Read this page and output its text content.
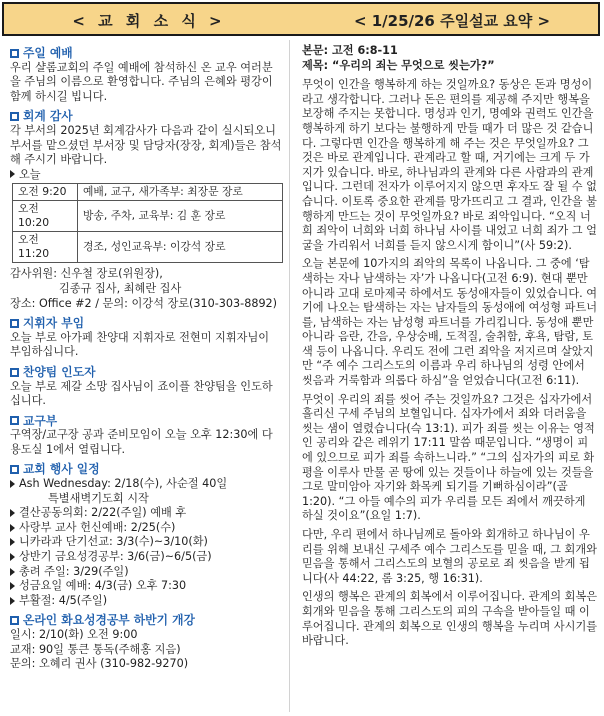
< 교 회 소 식 >	< 1/25/26 주일설교 요약 >
주일 예배

우리 샬롬교회의 주일 예배에 참석하신 온 교우 여러분을 주님의 이름으로 환영합니다. 주님의 은혜와 평강이 함께 하시길 빕니다.

회계 감사

각 부서의 2025년 회계감사가 다음과 같이 실시되오니 부서를 맡으셨던 부서장 및 담당자(장장, 회계)들은 참석해 주시기 바랍니다.

오늘
오전 9:20	예배, 교구, 새가족부: 최장문 장로
오전 10:20	방송, 주차, 교육부: 김 훈 장로
오전 11:20	경조, 성인교육부: 이강석 장로
감사위원: 신우철 장로(위원장),
김종규 집사, 최혜란 집사
장소: Office #2 / 문의: 이강석 장로(310-303-8892)
지휘자 부임

오늘 부로 아가페 찬양대 지휘자로 전현미 지휘자님이 부임하십니다.

찬양팀 인도자

오늘 부로 제갈 소망 집사님이 죠이플 찬양팀을 인도하십니다.

교구부

구역장/교구장 공과 준비모임이 오늘 오후 12:30에 다용도실 1에서 열립니다.

교회 행사 일정
Ash Wednesday: 2/18(수), 사순절 40일
특별새벽기도회 시작
결산공동의회: 2/22(주일) 예배 후
사랑부 교사 헌신예배: 2/25(수)
니카라과 단기선교: 3/3(수)~3/10(화)
상반기 금요성경공부: 3/6(금)~6/5(금)
총려 주일: 3/29(주일)
성금요일 예배: 4/3(금) 오후 7:30
부활절: 4/5(주일)
온라인 화요성경공부 하반기 개강
일시: 2/10(화) 오전 9:00
교재: 90일 통큰 통독(주해홍 지음)
문의: 오혜리 권사 (310-982-9270)
본문: 고전 6:8-11
제목: “우리의 죄는 무엇으로 씻는가?”

무엇이 인간을 행복하게 하는 것일까요? 동상은 돈과 명성이라고 생각합니다. 그러나 돈은 편의를 제공해 주지만 행복을 보장해 주지는 못합니다. 명성과 인기, 명예와 권력도 인간을 행복하게 하기 보다는 불행하게 만들 때가 더 많은 것 같습니다. 그렇다면 인간을 행복하게 해 주는 것은 무엇일까요? 그것은 바로 관계입니다. 관계라고 할 때, 거기에는 크게 두 가지가 있습니다. 바로, 하나님과의 관계와 다른 사람과의 관계입니다. 그런데 전자가 이루어지지 않으면 후자도 잘 될 수 없습니다. 이토록 중요한 관계를 망가뜨리고 그 결과, 인간을 불행하게 만드는 것이 무엇일까요? 바로 죄악입니다. “오직 너희 죄악이 너희와 너희 하나님 사이를 내었고 너희 죄가 그 얼굴을 가리워서 너희를 듣지 않으시게 함이니”(사 59:2).

오늘 본문에 10가지의 죄악의 목록이 나옵니다. 그 중에 ‘탐색하는 자나 남색하는 자’가 나옵니다(고전 6:9). 현대 뿐만 아니라 고대 로마제국 하에서도 동성애자들이 있었습니다. 여기에 나오는 탐색하는 자는 남자들의 동성애에 여성형 파트너를, 남색하는 자는 남성형 파트너를 가리킵니다. 동성애 뿐만 아니라 음란, 간음, 우상숭배, 도적질, 술취함, 후욕, 탐람, 토색 등이 나옵니다. 우리도 전에 그런 죄악을 저지르며 살았지만 “주 예수 그리스도의 이름과 우리 하나님의 성령 안에서 씻음과 거룩함과 의롭다 하심”을 얻었습니다(고전 6:11).

무엇이 우리의 죄를 씻어 주는 것일까요? 그것은 십자가에서 흘리신 구세 주님의 보혈입니다. 십자가에서 죄와 더러움을 씻는 샘이 열렸습니다(슥 13:1). 피가 죄를 씻는 이유는 영적인 공리와 같은 레위기 17:11 말씀 때문입니다. “생명이 피에 있으므로 피가 죄를 속하느니라.” “그의 십자가의 피로 화평을 이루사 만물 곧 땅에 있는 것들이나 하늘에 있는 것들을 그로 말미암아 자기와 화목케 되기를 기뻐하심이라”(골 1:20). “그 아들 예수의 피가 우리를 모든 죄에서 깨끗하게 하실 것이요”(요일 1:7).

다만, 우리 편에서 하나님께로 돌아와 회개하고 하나님이 우리를 위해 보내신 구세주 예수 그리스도를 믿을 때, 그 회개와 믿음을 통해서 그리스도의 보혈의 공로로 죄 씻음을 받게 됩니다(사 44:22, 롬 3:25, 행 16:31).

인생의 행복은 관계의 회복에서 이루어집니다. 관계의 회복은 회개와 믿음을 통해 그리스도의 피의 구속을 받아들일 때 이루어집니다. 관계의 회복으로 인생의 행복을 누리며 사시기를 바랍니다.
